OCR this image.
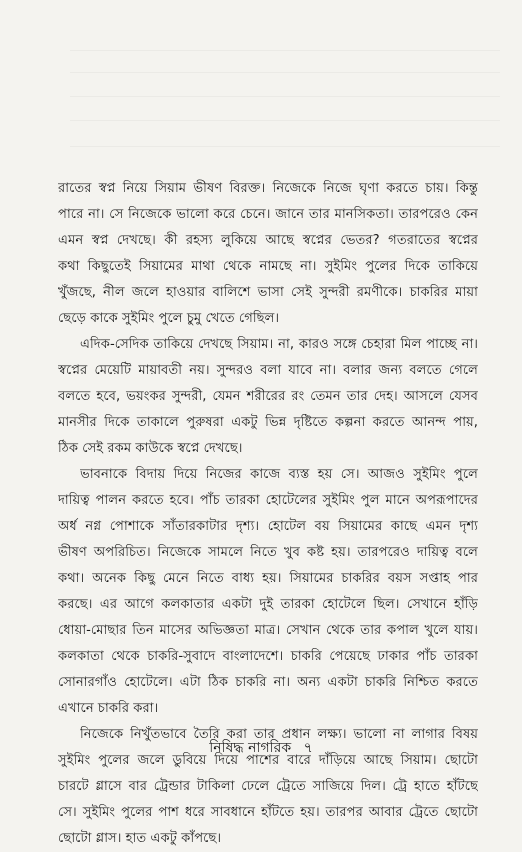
রাতের স্বপ্ন নিয়ে সিয়াম ভীষণ বিরক্ত। নিজেকে নিজে ঘৃণা করতে চায়। কিন্তু
পারে না। সে নিজেকে ভালো করে চেনে। জানে তার মানসিকতা। তারপরেও কেন
এমন স্বপ্ন দেখছে। কী রহস্য লুকিয়ে আছে স্বপ্নের ভেতর? গতরাতের স্বপ্নের
কথা কিছুতেই সিয়ামের মাথা থেকে নামছে না। সুইমিং পুলের দিকে তাকিয়ে
খুঁজছে, নীল জলে হাওয়ার বালিশে ভাসা সেই সুন্দরী রমণীকে। চাকরির মায়া
ছেড়ে কাকে সুইমিং পুলে চুমু খেতে গেছিল।
এদিক-সেদিক তাকিয়ে দেখছে সিয়াম। না, কারও সঙ্গে চেহারা মিল পাচ্ছে না।
স্বপ্নের মেয়েটি মায়াবতী নয়। সুন্দরও বলা যাবে না। বলার জন্য বলতে গেলে
বলতে হবে, ভয়ংকর সুন্দরী, যেমন শরীরের রং তেমন তার দেহ। আসলে যেসব
মানসীর দিকে তাকালে পুরুষরা একটু ভিন্ন দৃষ্টিতে কল্পনা করতে আনন্দ পায়,
ঠিক সেই রকম কাউকে স্বপ্নে দেখছে।
ভাবনাকে বিদায় দিয়ে নিজের কাজে ব্যস্ত হয় সে। আজও সুইমিং পুলে
দায়িত্ব পালন করতে হবে। পাঁচ তারকা হোটেলের সুইমিং পুল মানে অপরূপাদের
অর্ধ নগ্ন পোশাকে সাঁতারকাটার দৃশ্য। হোটেল বয় সিয়ামের কাছে এমন দৃশ্য
ভীষণ অপরিচিত। নিজেকে সামলে নিতে খুব কষ্ট হয়। তারপরেও দায়িত্ব বলে
কথা। অনেক কিছু মেনে নিতে বাধ্য হয়। সিয়ামের চাকরির বয়স সপ্তাহ পার
করছে। এর আগে কলকাতার একটা দুই তারকা হোটেলে ছিল। সেখানে হাঁড়ি
ধোয়া-মোছার তিন মাসের অভিজ্ঞতা মাত্র। সেখান থেকে তার কপাল খুলে যায়।
কলকাতা থেকে চাকরি-সুবাদে বাংলাদেশে। চাকরি পেয়েছে ঢাকার পাঁচ তারকা
সোনারগাঁও হোটেলে। এটা ঠিক চাকরি না। অন্য একটা চাকরি নিশ্চিত করতে
এখানে চাকরি করা।
নিজেকে নিখুঁতভাবে তৈরি করা তার প্রধান লক্ষ্য। ভালো না লাগার বিষয়
সুইমিং পুলের জলে ডুবিয়ে দিয়ে পাশের বারে দাঁড়িয়ে আছে সিয়াম। ছোটো
চারটে গ্লাসে বার ট্রেন্ডার টাকিলা ঢেলে ট্রেতে সাজিয়ে দিল। ট্রে হাতে হাঁটছে
সে। সুইমিং পুলের পাশ ধরে সাবধানে হাঁটতে হয়। তারপর আবার ট্রেতে ছোটো
ছোটো গ্লাস। হাত একটু কাঁপছে।
নিষিদ্ধ নাগরিক ৭
